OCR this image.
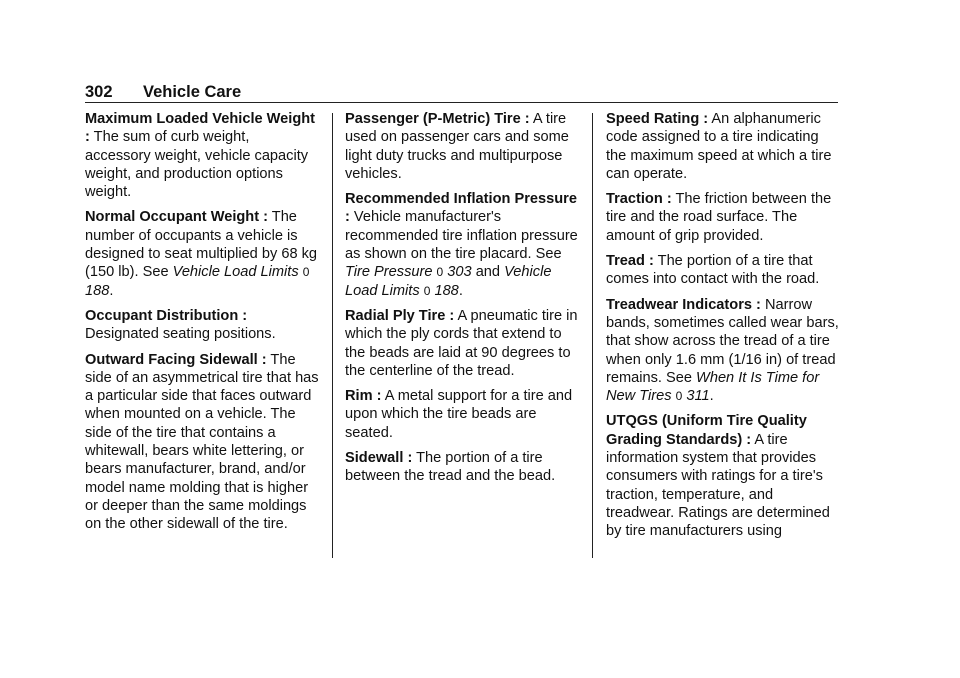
302 Vehicle Care

Maximum Loaded Vehicle Weight : The sum of curb weight, accessory weight, vehicle capacity weight, and production options weight.

Normal Occupant Weight : The number of occupants a vehicle is designed to seat multiplied by 68 kg (150 lb). See Vehicle Load Limits 0 188.

Occupant Distribution : Designated seating positions.

Outward Facing Sidewall : The side of an asymmetrical tire that has a particular side that faces outward when mounted on a vehicle. The side of the tire that contains a whitewall, bears white lettering, or bears manufacturer, brand, and/or model name molding that is higher or deeper than the same moldings on the other sidewall of the tire.

Passenger (P-Metric) Tire : A tire used on passenger cars and some light duty trucks and multipurpose vehicles.

Recommended Inflation Pressure : Vehicle manufacturer's recommended tire inflation pressure as shown on the tire placard. See Tire Pressure 0 303 and Vehicle Load Limits 0 188.

Radial Ply Tire : A pneumatic tire in which the ply cords that extend to the beads are laid at 90 degrees to the centerline of the tread.

Rim : A metal support for a tire and upon which the tire beads are seated.

Sidewall : The portion of a tire between the tread and the bead.

Speed Rating : An alphanumeric code assigned to a tire indicating the maximum speed at which a tire can operate.

Traction : The friction between the tire and the road surface. The amount of grip provided.

Tread : The portion of a tire that comes into contact with the road.

Treadwear Indicators : Narrow bands, sometimes called wear bars, that show across the tread of a tire when only 1.6 mm (1/16 in) of tread remains. See When It Is Time for New Tires 0 311.

UTQGS (Uniform Tire Quality Grading Standards) : A tire information system that provides consumers with ratings for a tire's traction, temperature, and treadwear. Ratings are determined by tire manufacturers using
